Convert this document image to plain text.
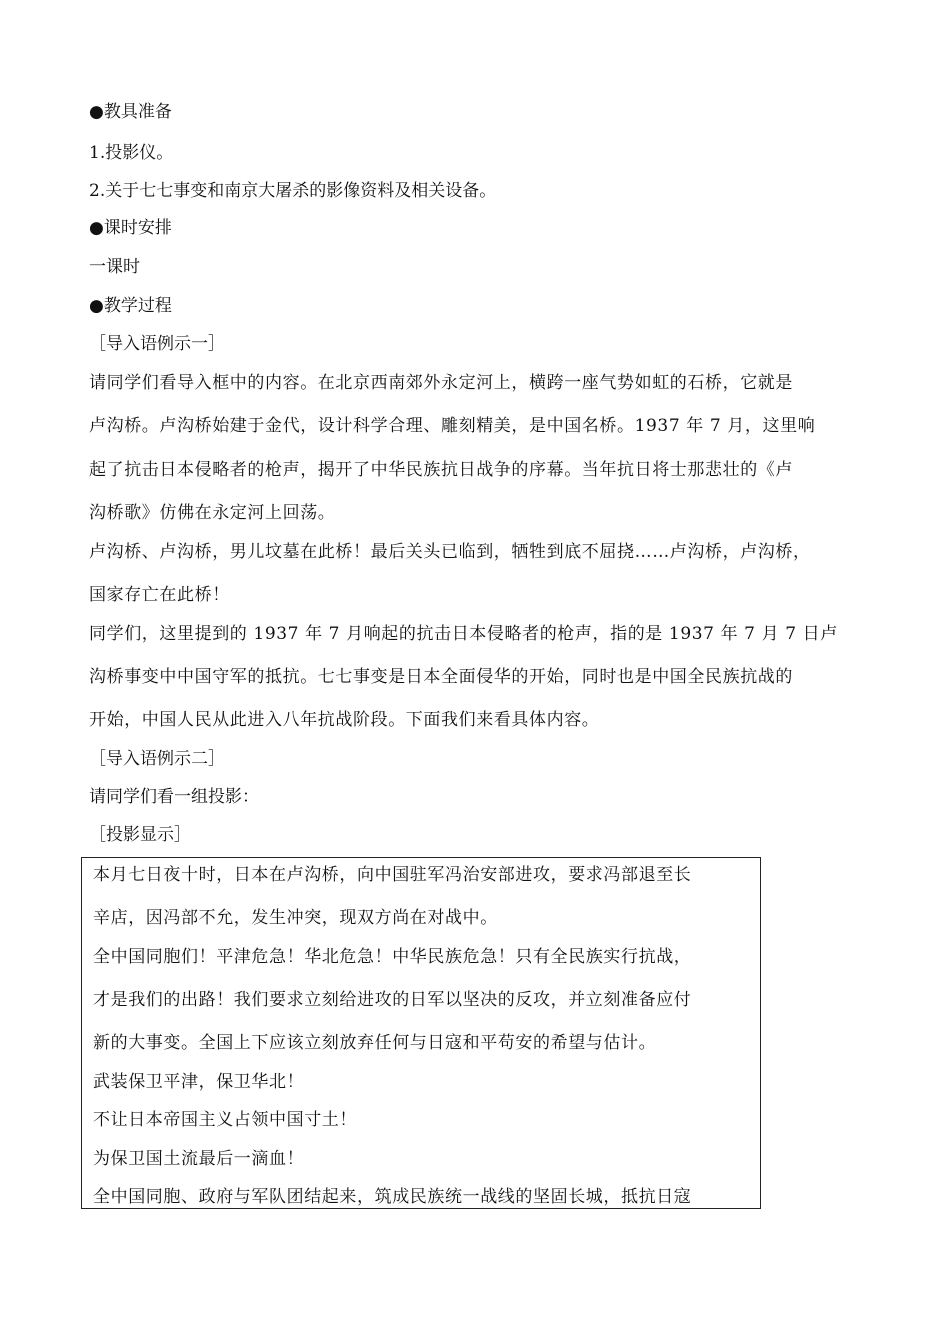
●教具准备
1.投影仪。
2.关于七七事变和南京大屠杀的影像资料及相关设备。
●课时安排
一课时
●教学过程
［导入语例示一］
请同学们看导入框中的内容。在北京西南郊外永定河上，横跨一座气势如虹的石桥，它就是
卢沟桥。卢沟桥始建于金代，设计科学合理、雕刻精美，是中国名桥。1937 年 7 月，这里响
起了抗击日本侵略者的枪声，揭开了中华民族抗日战争的序幕。当年抗日将士那悲壮的《卢
沟桥歌》仿佛在永定河上回荡。
卢沟桥、卢沟桥，男儿坟墓在此桥！最后关头已临到，牺牲到底不屈挠……卢沟桥，卢沟桥，
国家存亡在此桥！
同学们，这里提到的 1937 年 7 月响起的抗击日本侵略者的枪声，指的是 1937 年 7 月 7 日卢
沟桥事变中中国守军的抵抗。七七事变是日本全面侵华的开始，同时也是中国全民族抗战的
开始，中国人民从此进入八年抗战阶段。下面我们来看具体内容。
［导入语例示二］
请同学们看一组投影：
［投影显示］
本月七日夜十时，日本在卢沟桥，向中国驻军冯治安部进攻，要求冯部退至长
辛店，因冯部不允，发生冲突，现双方尚在对战中。
全中国同胞们！平津危急！华北危急！中华民族危急！只有全民族实行抗战，
才是我们的出路！我们要求立刻给进攻的日军以坚决的反攻，并立刻准备应付
新的大事变。全国上下应该立刻放弃任何与日寇和平苟安的希望与估计。
武装保卫平津，保卫华北！
不让日本帝国主义占领中国寸土！
为保卫国土流最后一滴血！
全中国同胞、政府与军队团结起来，筑成民族统一战线的坚固长城，抵抗日寇
